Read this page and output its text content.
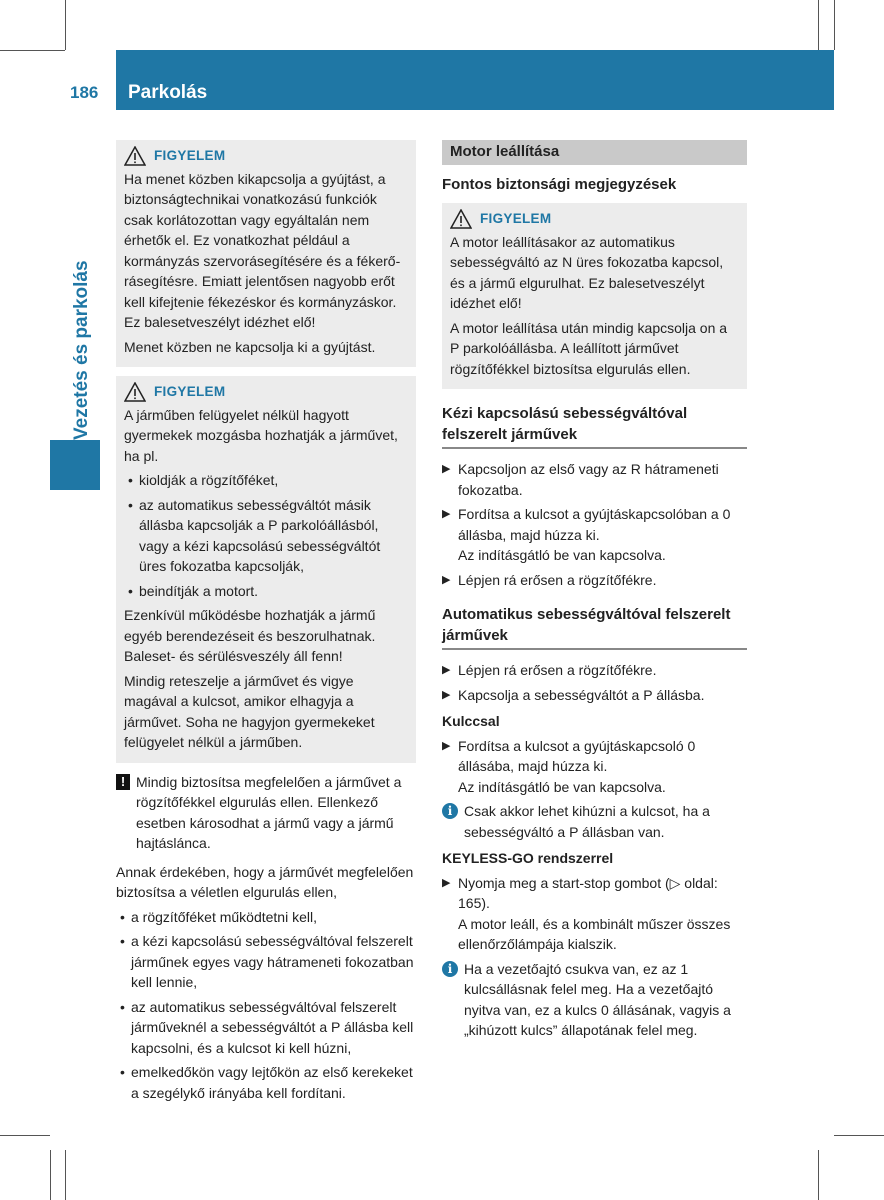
186	Parkolás
Vezetés és parkolás
FIGYELEM

Ha menet közben kikapcsolja a gyújtást, a biztonságtechnikai vonatkozású funkciók csak korlátozottan vagy egyáltalán nem érhetők el. Ez vonatkozhat például a kormányzás szervorásegítésére és a fékerő-rásegítésre. Emiatt jelentősen nagyobb erőt kell kifejtenie fékezéskor és kormányzáskor. Ez balesetveszélyt idézhet elő!

Menet közben ne kapcsolja ki a gyújtást.

FIGYELEM

A járműben felügyelet nélkül hagyott gyermekek mozgásba hozhatják a járművet, ha pl.

• kioldják a rögzítőféket,
• az automatikus sebességváltót másik állásba kapcsolják a P parkolóállásból, vagy a kézi kapcsolású sebességváltót üres fokozatba kapcsolják,
• beindítják a motort.

Ezenkívül működésbe hozhatják a jármű egyéb berendezéseit és beszorulhatnak. Baleset- és sérülésveszély áll fenn!

Mindig reteszelje a járművet és vigye magával a kulcsot, amikor elhagyja a járművet. Soha ne hagyjon gyermekeket felügyelet nélkül a járműben.

! Mindig biztosítsa megfelelően a járművet a rögzítőfékkel elgurulás ellen. Ellenkező esetben károsodhat a jármű vagy a jármű hajtáslánca.

Annak érdekében, hogy a járművét megfelelően biztosítsa a véletlen elgurulás ellen,

• a rögzítőféket működtetni kell,
• a kézi kapcsolású sebességváltóval felszerelt járműnek egyes vagy hátrameneti fokozatban kell lennie,
• az automatikus sebességváltóval felszerelt járműveknél a sebességváltót a P állásba kell kapcsolni, és a kulcsot ki kell húzni,
• emelkedőkön vagy lejtőkön az első kerekeket a szegélykő irányába kell fordítani.
Motor leállítása
Fontos biztonsági megjegyzések
FIGYELEM

A motor leállításakor az automatikus sebességváltó az N üres fokozatba kapcsol, és a jármű elgurulhat. Ez balesetveszélyt idézhet elő!

A motor leállítása után mindig kapcsolja on a P parkolóállásba. A leállított járművet rögzítőfékkel biztosítsa elgurulás ellen.

Kézi kapcsolású sebességváltóval felszerelt járművek
▶ Kapcsoljon az első vagy az R hátrameneti fokozatba.
▶ Fordítsa a kulcsot a gyújtáskapcsolóban a 0 állásba, majd húzza ki.
Az indításgátló be van kapcsolva.
▶ Lépjen rá erősen a rögzítőfékre.
Automatikus sebességváltóval felszerelt járművek
▶ Lépjen rá erősen a rögzítőfékre.
▶ Kapcsolja a sebességváltót a P állásba.
Kulccsal
▶ Fordítsa a kulcsot a gyújtáskapcsoló 0 állásába, majd húzza ki.
Az indításgátló be van kapcsolva.
i Csak akkor lehet kihúzni a kulcsot, ha a sebességváltó a P állásban van.
KEYLESS-GO rendszerrel
▶ Nyomja meg a start-stop gombot (▷ oldal: 165).
A motor leáll, és a kombinált műszer összes ellenőrzőlámpája kialszik.
i Ha a vezetőajtó csukva van, ez az 1 kulcsállásnak felel meg. Ha a vezetőajtó nyitva van, ez a kulcs 0 állásának, vagyis a „kihúzott kulcs” állapotának felel meg.
